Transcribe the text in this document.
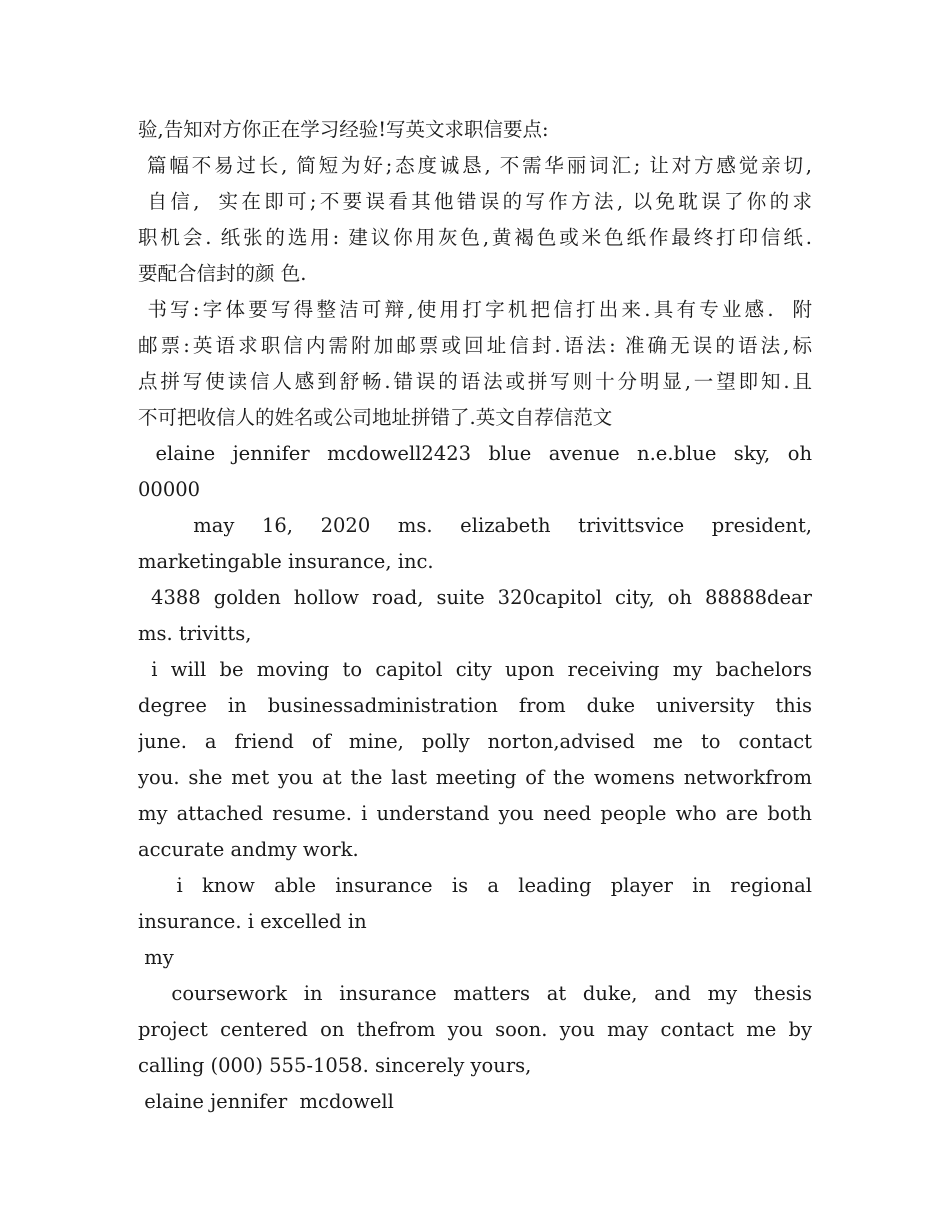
验,告知对方你正在学习经验!写英文求职信要点:
篇幅不易过长, 简短为好;态度诚恳, 不需华丽词汇; 让对方感觉亲切,
自信,  实在即可;不要误看其他错误的写作方法, 以免耽误了你的求
职机会. 纸张的选用: 建议你用灰色,黄褐色或米色纸作最终打印信纸.
要配合信封的颜 色.
书写:字体要写得整洁可辩,使用打字机把信打出来.具有专业感.  附
邮票:英语求职信内需附加邮票或回址信封.语法: 准确无误的语法,标
点拼写使读信人感到舒畅.错误的语法或拼写则十分明显,一望即知.且
不可把收信人的姓名或公司地址拼错了.英文自荐信范文
elaine jennifer mcdowell2423 blue avenue n.e.blue sky, oh
00000
may 16, 2020 ms. elizabeth trivittsvice president,
marketingable insurance, inc.
4388 golden hollow road, suite 320capitol city, oh 88888dear
ms. trivitts,
i will be moving to capitol city upon receiving my bachelors
degree in businessadministration from duke university this
june. a friend of mine, polly norton,advised me to contact
you. she met you at the last meeting of the womens networkfrom
my attached resume. i understand you need people who are both
accurate andmy work.
i know able insurance is a leading player in regional
insurance. i excelled in
my
coursework in insurance matters at duke, and my thesis
project centered on thefrom you soon. you may contact me by
calling (000) 555-1058. sincerely yours,
elaine jennifer  mcdowell
